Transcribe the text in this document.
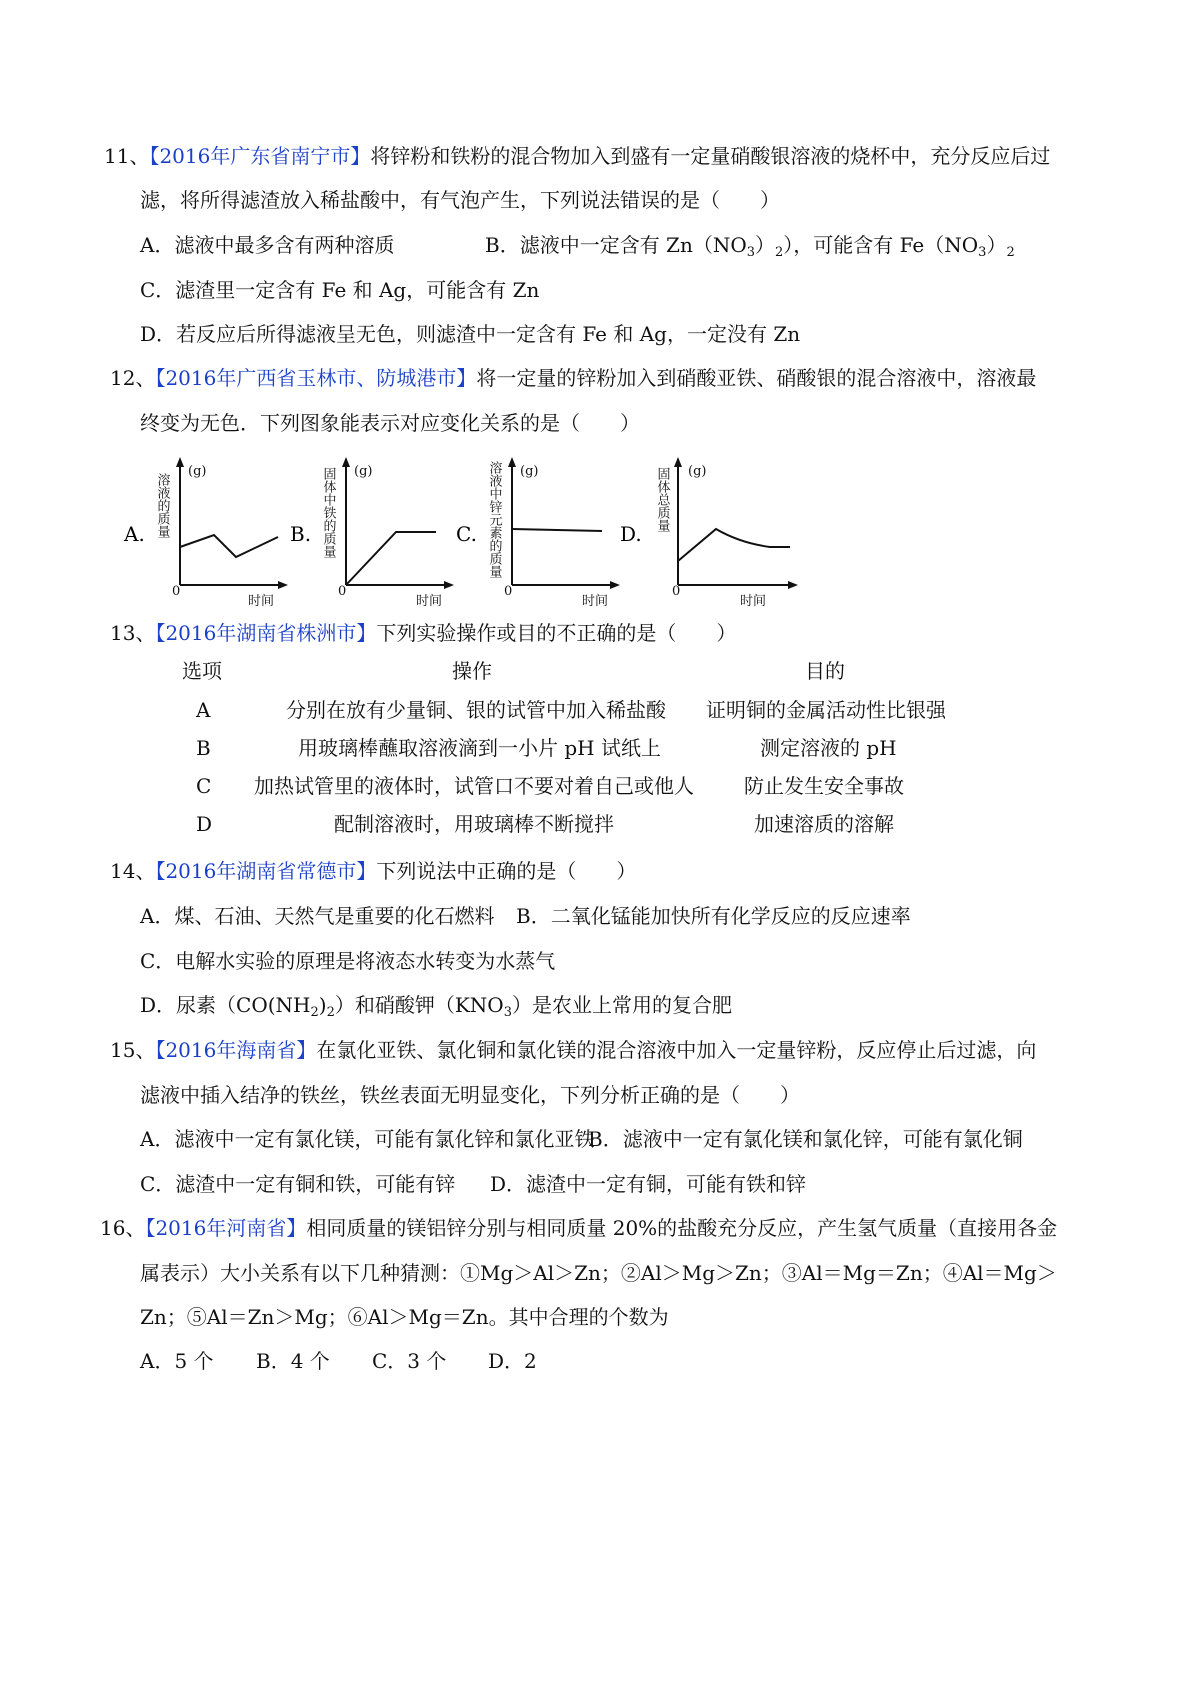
11、【2016年广东省南宁市】将锌粉和铁粉的混合物加入到盛有一定量硝酸银溶液的烧杯中，充分反应后过
滤，将所得滤渣放入稀盐酸中，有气泡产生，下列说法错误的是（　　）
A．滤液中最多含有两种溶质	B．滤液中一定含有 $Zn(NO_3)_2$），可能含有 $Fe(NO_3)_2$
C．滤渣里一定含有 Fe 和 Ag，可能含有 Zn
D．若反应后所得滤液呈无色，则滤渣中一定含有 Fe 和 Ag，一定没有 Zn
12、【2016年广西省玉林市、防城港市】将一定量的锌粉加入到硝酸亚铁、硝酸银的混合溶液中，溶液最
终变为无色．下列图象能表示对应变化关系的是（　　）
A. 溶液的质量
(g)
0
时间
B. 固体中铁的质量 (g)
0
时间
C. 溶液中锌元素的质量 (g)
0
时间
D.
固体总质量 (g)
0
时间
13、【2016年湖南省株洲市】下列实验操作或目的不正确的是（　　）
选项	操作	目的
A	分别在放有少量铜、银的试管中加入稀盐酸 证明铜的金属活动性比银强
B	用玻璃棒蘸取溶液滴到一小片 pH 试纸上	测定溶液的 pH
C 加热试管里的液体时，试管口不要对着自己或他人	防止发生安全事故
D	配制溶液时，用玻璃棒不断搅拌	加速溶质的溶解
14、【2016年湖南省常德市】下列说法中正确的是（　　）
A．煤、石油、天然气是重要的化石燃料 B．二氧化锰能加快所有化学反应的反应速率
C．电解水实验的原理是将液态水转变为水蒸气
D．尿素$(CO(NH_2)_2)$和硝酸钾$(KNO_3)$是农业上常用的复合肥
15、【2016年海南省】在氯化亚铁、氯化铜和氯化镁的混合溶液中加入一定量锌粉，反应停止后过滤，向
滤液中插入结净的铁丝，铁丝表面无明显变化，下列分析正确的是（　　）
A．滤液中一定有氯化镁，可能有氯化锌和氯化亚铁
B．滤液中一定有氯化镁和氯化锌，可能有氯化铜
C．滤渣中一定有铜和铁，可能有锌 D．滤渣中一定有铜，可能有铁和锌
16、【2016年河南省】相同质量的镁铝锌分别与相同质量 20%的盐酸充分反应，产生氢气质量（直接用各金
属表示）大小关系有以下几种猜测：①Mg＞Al＞Zn；②Al＞Mg＞Zn；③Al＝Mg＝Zn；④Al＝Mg＞
Zn；⑤Al＝Zn＞Mg；⑥Al＞Mg＝Zn。其中合理的个数为
A．5 个 B．4 个 C．3 个 D．2
